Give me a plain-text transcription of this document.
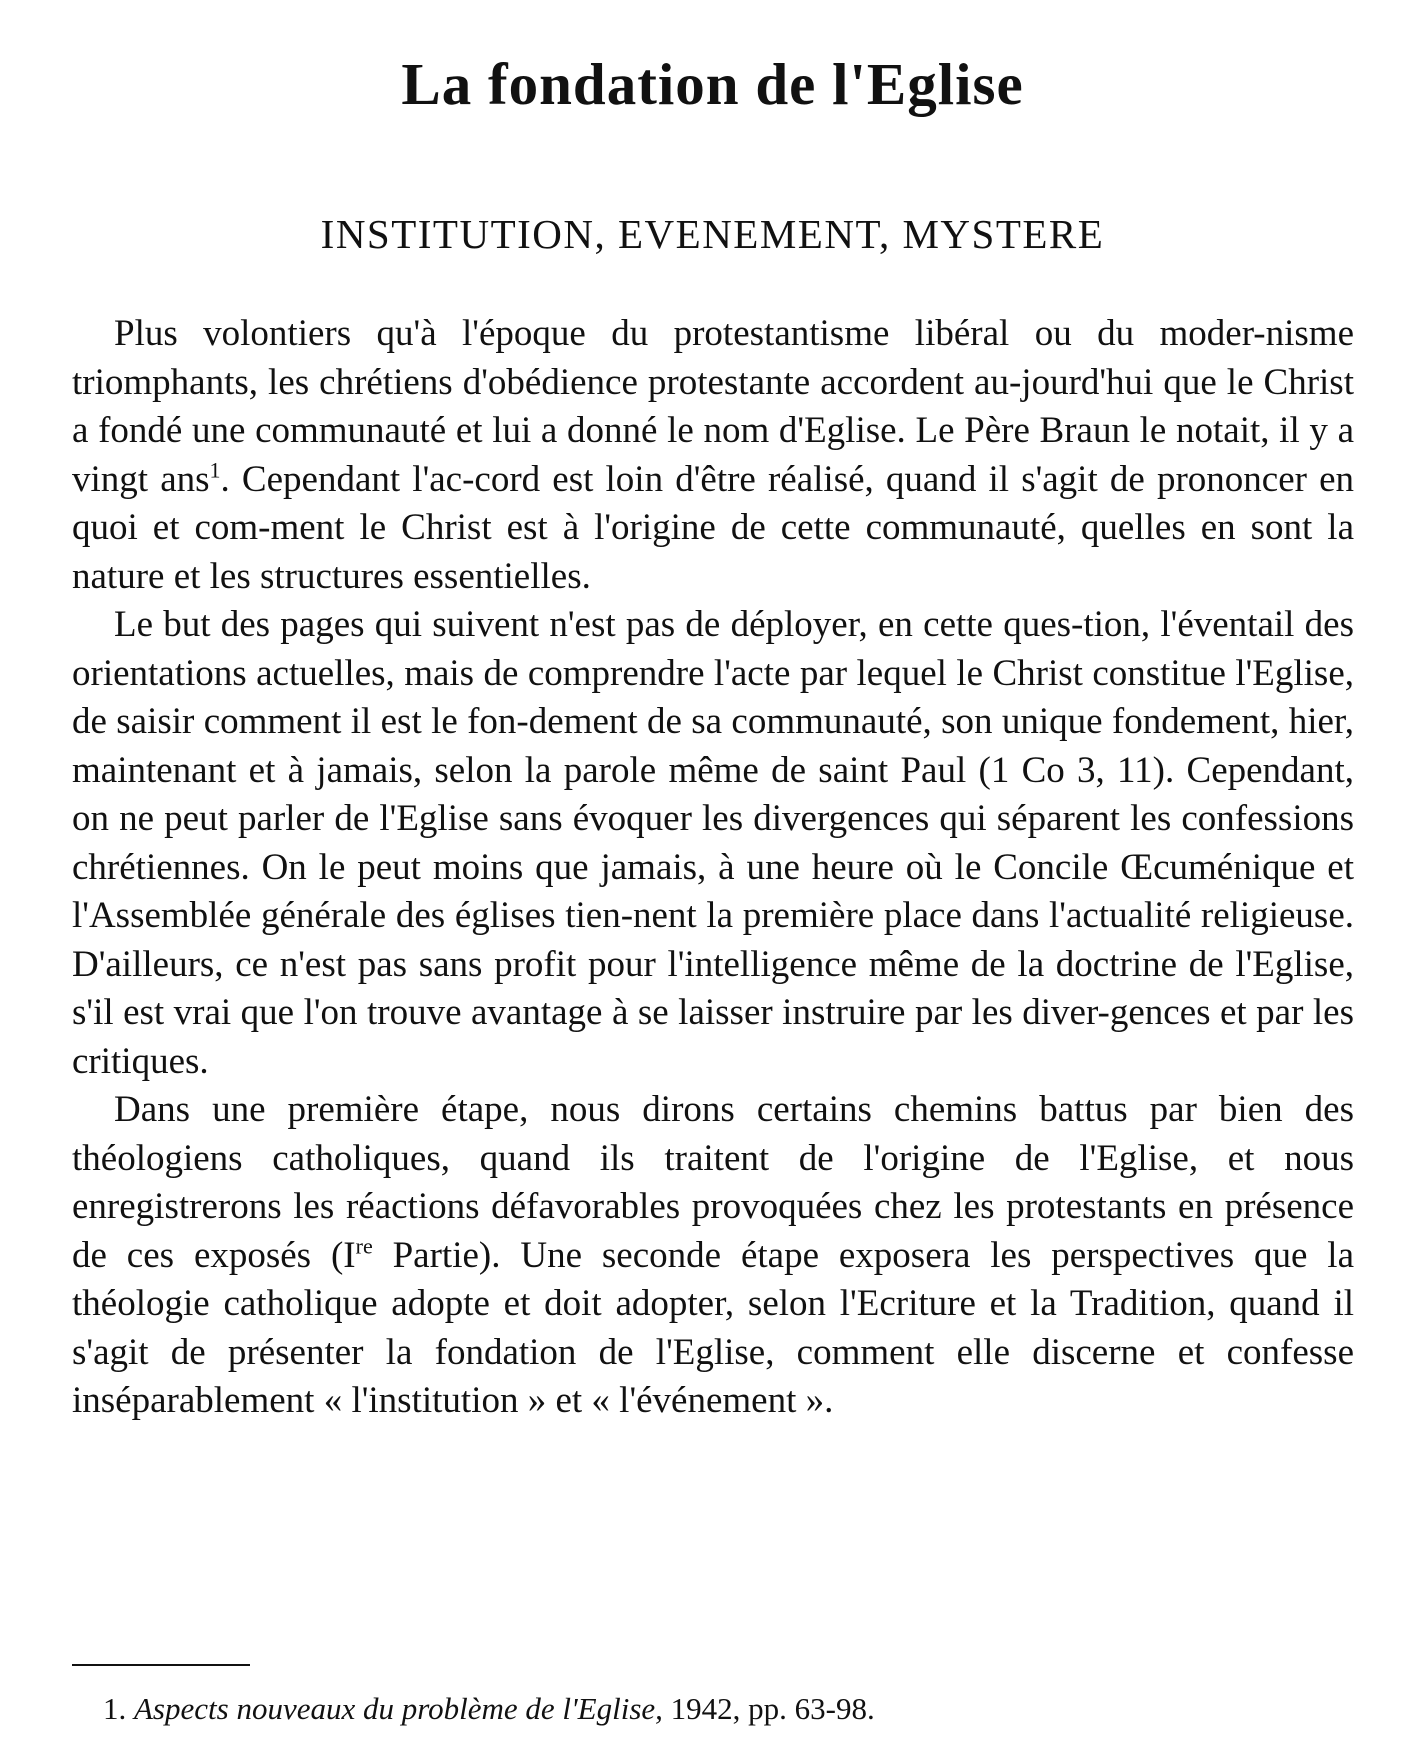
La fondation de l'Eglise
INSTITUTION, EVENEMENT, MYSTERE

Plus volontiers qu'à l'époque du protestantisme libéral ou du moder-nisme triomphants, les chrétiens d'obédience protestante accordent au-jourd'hui que le Christ a fondé une communauté et lui a donné le nom d'Eglise. Le Père Braun le notait, il y a vingt ans$^1$. Cependant l'ac-cord est loin d'être réalisé, quand il s'agit de prononcer en quoi et com-ment le Christ est à l'origine de cette communauté, quelles en sont la nature et les structures essentielles.

Le but des pages qui suivent n'est pas de déployer, en cette ques-tion, l'éventail des orientations actuelles, mais de comprendre l'acte par lequel le Christ constitue l'Eglise, de saisir comment il est le fon-dement de sa communauté, son unique fondement, hier, maintenant et à jamais, selon la parole même de saint Paul (1 Co 3, 11). Cependant, on ne peut parler de l'Eglise sans évoquer les divergences qui séparent les confessions chrétiennes. On le peut moins que jamais, à une heure où le Concile Œcuménique et l'Assemblée générale des églises tien-nent la première place dans l'actualité religieuse. D'ailleurs, ce n'est pas sans profit pour l'intelligence même de la doctrine de l'Eglise, s'il est vrai que l'on trouve avantage à se laisser instruire par les diver-gences et par les critiques.

Dans une première étape, nous dirons certains chemins battus par bien des théologiens catholiques, quand ils traitent de l'origine de l'Eglise, et nous enregistrerons les réactions défavorables provoquées chez les protestants en présence de ces exposés (Ire Partie). Une seconde étape exposera les perspectives que la théologie catholique adopte et doit adopter, selon l'Ecriture et la Tradition, quand il s'agit de présenter la fondation de l'Eglise, comment elle discerne et confesse inséparablement « l'institution » et « l'événement ».

1. Aspects nouveaux du problème de l'Eglise, 1942, pp. 63-98.
